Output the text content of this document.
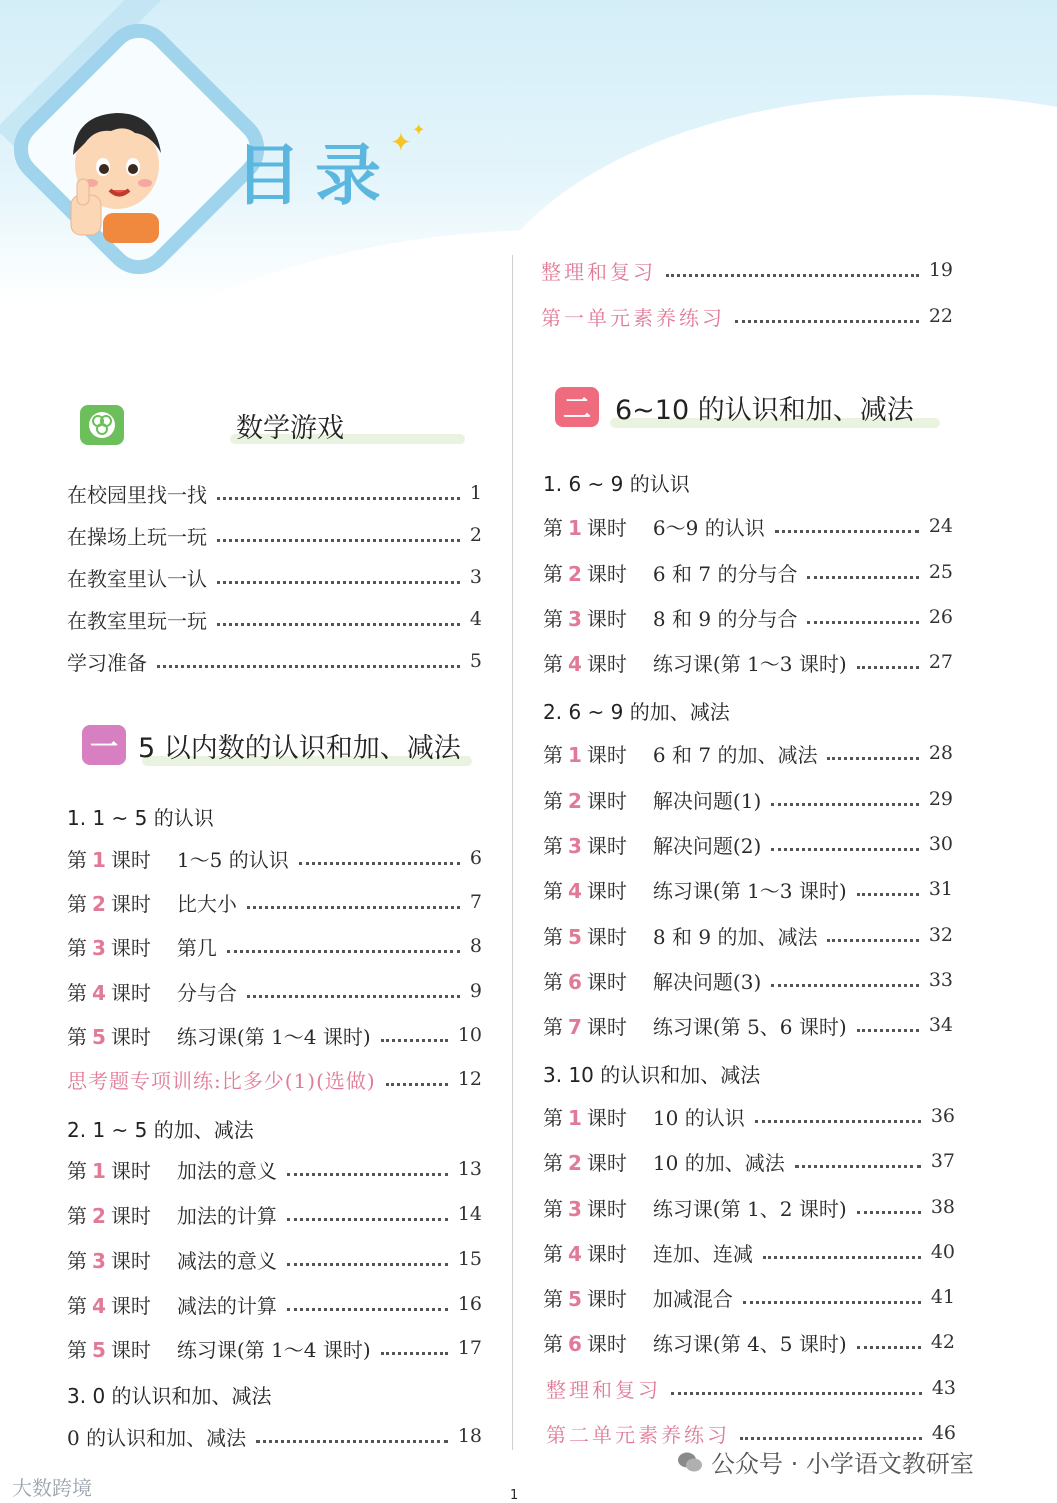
目录
✦ ✦
数学游戏
在校园里找一找	1
在操场上玩一玩	2
在教室里认一认	3
在教室里玩一玩	4
学习准备	5
一 5 以内数的认识和加、减法
1. 1 ~ 5 的认识
第 1 课时 1～5 的认识	6
第 2 课时 比大小	7
第 3 课时 第几	8
第 4 课时 分与合	9
第 5 课时 练习课(第 1～4 课时)	10
思考题专项训练:比多少(1)(选做)	12
2. 1 ~ 5 的加、减法
第 1 课时 加法的意义	13
第 2 课时 加法的计算	14
第 3 课时 减法的意义	15
第 4 课时 减法的计算	16
第 5 课时 练习课(第 1～4 课时)	17
3. 0 的认识和加、减法
0 的认识和加、减法	18
整理和复习	19
第一单元素养练习	22
二 6~10 的认识和加、减法
1. 6 ~ 9 的认识
第 1 课时 6～9 的认识	24
第 2 课时 6 和 7 的分与合	25
第 3 课时 8 和 9 的分与合	26
第 4 课时 练习课(第 1～3 课时)	27
2. 6 ~ 9 的加、减法
第 1 课时 6 和 7 的加、减法	28
第 2 课时 解决问题(1)	29
第 3 课时 解决问题(2)	30
第 4 课时 练习课(第 1～3 课时)	31
第 5 课时 8 和 9 的加、减法	32
第 6 课时 解决问题(3)	33
第 7 课时 练习课(第 5、6 课时)	34
3. 10 的认识和加、减法
第 1 课时 10 的认识	36
第 2 课时 10 的加、减法	37
第 3 课时 练习课(第 1、2 课时)	38
第 4 课时 连加、连减	40
第 5 课时 加减混合	41
第 6 课时 练习课(第 4、5 课时)	42
整理和复习	43
第二单元素养练习	46
公众号 · 小学语文教研室
大数跨境	1
